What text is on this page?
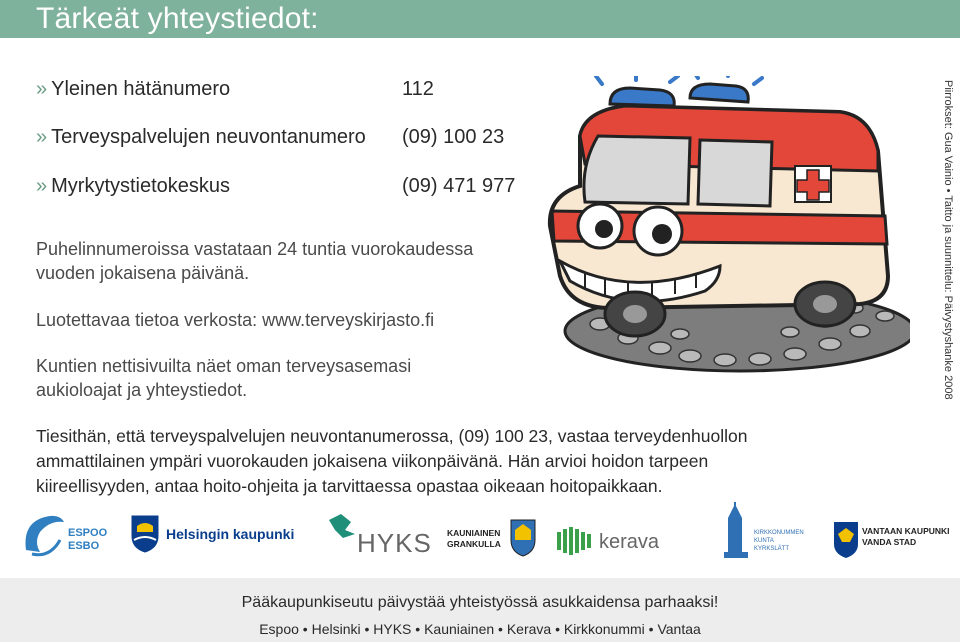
Tärkeät yhteystiedot:
» Yleinen hätänumero	112
» Terveyspalvelujen neuvontanumero (09) 100 23
» Myrkytystietokeskus	(09) 471 977
Puhelinnumeroissa vastataan 24 tuntia vuorokaudessa
vuoden jokaisena päivänä.
Luotettavaa tietoa verkosta: www.terveyskirjasto.fi
Kuntien nettisivuilta näet oman terveysasemasi
aukioloajat ja yhteystiedot.
Tiesithän, että terveyspalvelujen neuvontanumerossa, (09) 100 23, vastaa terveydenhuollon
ammattilainen ympäri vuorokauden jokaisena viikonpäivänä. Hän arvioi hoidon tarpeen
kiireellisyyden, antaa hoito-ohjeita ja tarvittaessa opastaa oikeaan hoitopaikkaan.
Piirrokset: Gua Vainio • Taitto ja suunnittelu: Päivystyshanke 2008
ESPOO
ESBO
Helsingin kaupunki HYKS KAUNIAINEN
GRANKULLA	kerava	KIRKKONUMMEN
KUNTA
KYRKSLÄTT
VANTAAN KAUPUNKI
VANDA STAD
Pääkaupunkiseutu päivystää yhteistyössä asukkaidensa parhaaksi!
Espoo • Helsinki • HYKS • Kauniainen • Kerava • Kirkkonummi • Vantaa
